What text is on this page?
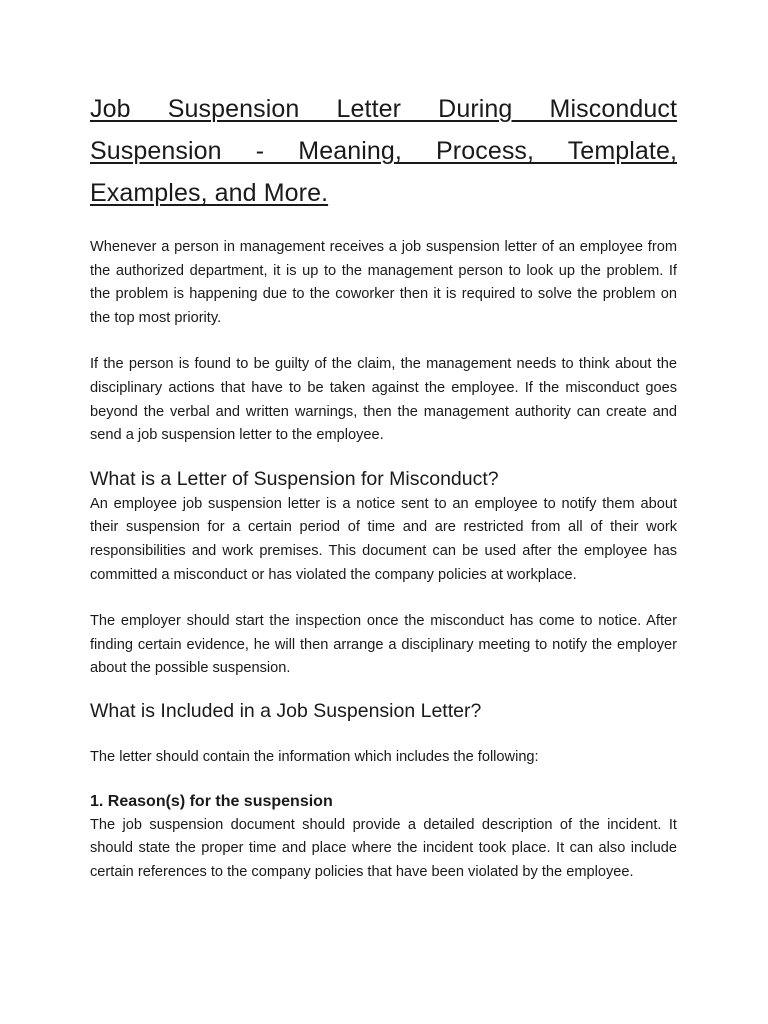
Job Suspension Letter During Misconduct Suspension - Meaning, Process, Template, Examples, and More.

Whenever a person in management receives a job suspension letter of an employee from the authorized department, it is up to the management person to look up the problem. If the problem is happening due to the coworker then it is required to solve the problem on the top most priority.

If the person is found to be guilty of the claim, the management needs to think about the disciplinary actions that have to be taken against the employee. If the misconduct goes beyond the verbal and written warnings, then the management authority can create and send a job suspension letter to the employee.

What is a Letter of Suspension for Misconduct?

An employee job suspension letter is a notice sent to an employee to notify them about their suspension for a certain period of time and are restricted from all of their work responsibilities and work premises. This document can be used after the employee has committed a misconduct or has violated the company policies at workplace.

The employer should start the inspection once the misconduct has come to notice. After finding certain evidence, he will then arrange a disciplinary meeting to notify the employer about the possible suspension.

What is Included in a Job Suspension Letter?

The letter should contain the information which includes the following:

1. Reason(s) for the suspension

The job suspension document should provide a detailed description of the incident. It should state the proper time and place where the incident took place. It can also include certain references to the company policies that have been violated by the employee.
